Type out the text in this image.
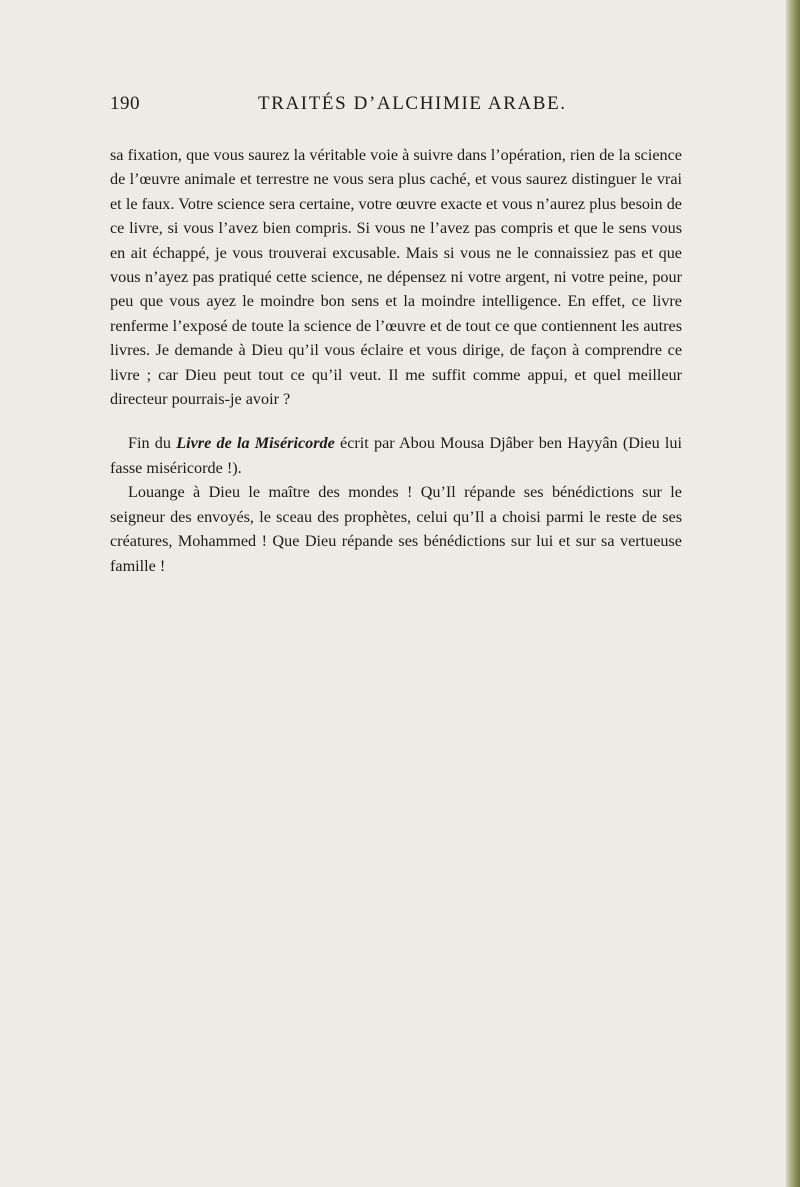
190	TRAITÉS D’ALCHIMIE ARABE.

sa fixation, que vous saurez la véritable voie à suivre dans l’opération, rien de la science de l’œuvre animale et terrestre ne vous sera plus caché, et vous saurez distinguer le vrai et le faux. Votre science sera certaine, votre œuvre exacte et vous n’aurez plus besoin de ce livre, si vous l’avez bien compris. Si vous ne l’avez pas compris et que le sens vous en ait échappé, je vous trouverai excusable. Mais si vous ne le connaissiez pas et que vous n’ayez pas pratiqué cette science, ne dépensez ni votre argent, ni votre peine, pour peu que vous ayez le moindre bon sens et la moindre intelligence. En effet, ce livre renferme l’exposé de toute la science de l’œuvre et de tout ce que contiennent les autres livres. Je demande à Dieu qu’il vous éclaire et vous dirige, de façon à comprendre ce livre ; car Dieu peut tout ce qu’il veut. Il me suffit comme appui, et quel meilleur directeur pourrais-je avoir ?

Fin du Livre de la Miséricorde écrit par Abou Mousa Djâber ben Hayyân (Dieu lui fasse miséricorde !).

Louange à Dieu le maître des mondes ! Qu’Il répande ses bénédictions sur le seigneur des envoyés, le sceau des prophètes, celui qu’Il a choisi parmi le reste de ses créatures, Mohammed ! Que Dieu répande ses bénédictions sur lui et sur sa vertueuse famille !
